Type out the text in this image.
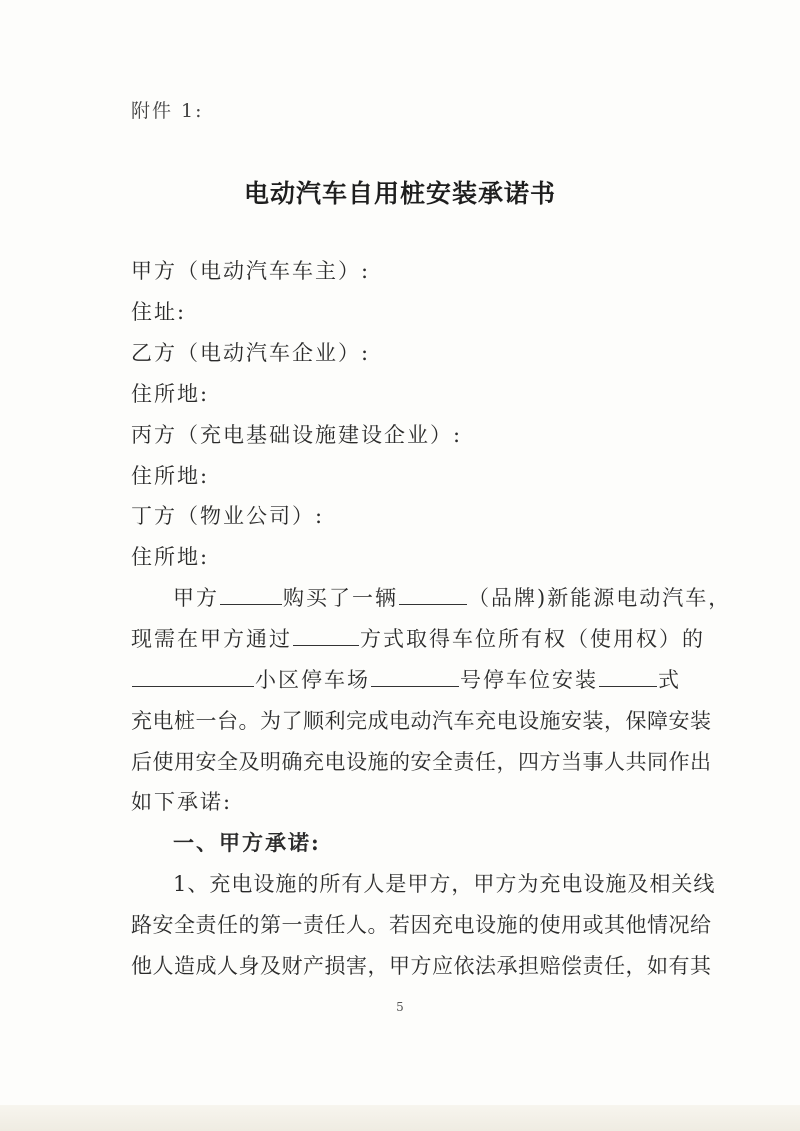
附件 1:
电动汽车自用桩安装承诺书
甲方（电动汽车车主）:
住址:
乙方（电动汽车企业）:
住所地:
丙方（充电基础设施建设企业）:
住所地:
丁方（物业公司）:
住所地:
甲方	购买了一辆	（品牌)新能源电动汽车，
现需在甲方通过	方式取得车位所有权（使用权）的
小区停车场	号停车位安装	式
充电桩一台。为了顺利完成电动汽车充电设施安装，保障安装
后使用安全及明确充电设施的安全责任，四方当事人共同作出
如下承诺:
一、甲方承诺:
1、充电设施的所有人是甲方，甲方为充电设施及相关线
路安全责任的第一责任人。若因充电设施的使用或其他情况给
他人造成人身及财产损害，甲方应依法承担赔偿责任，如有其
5
